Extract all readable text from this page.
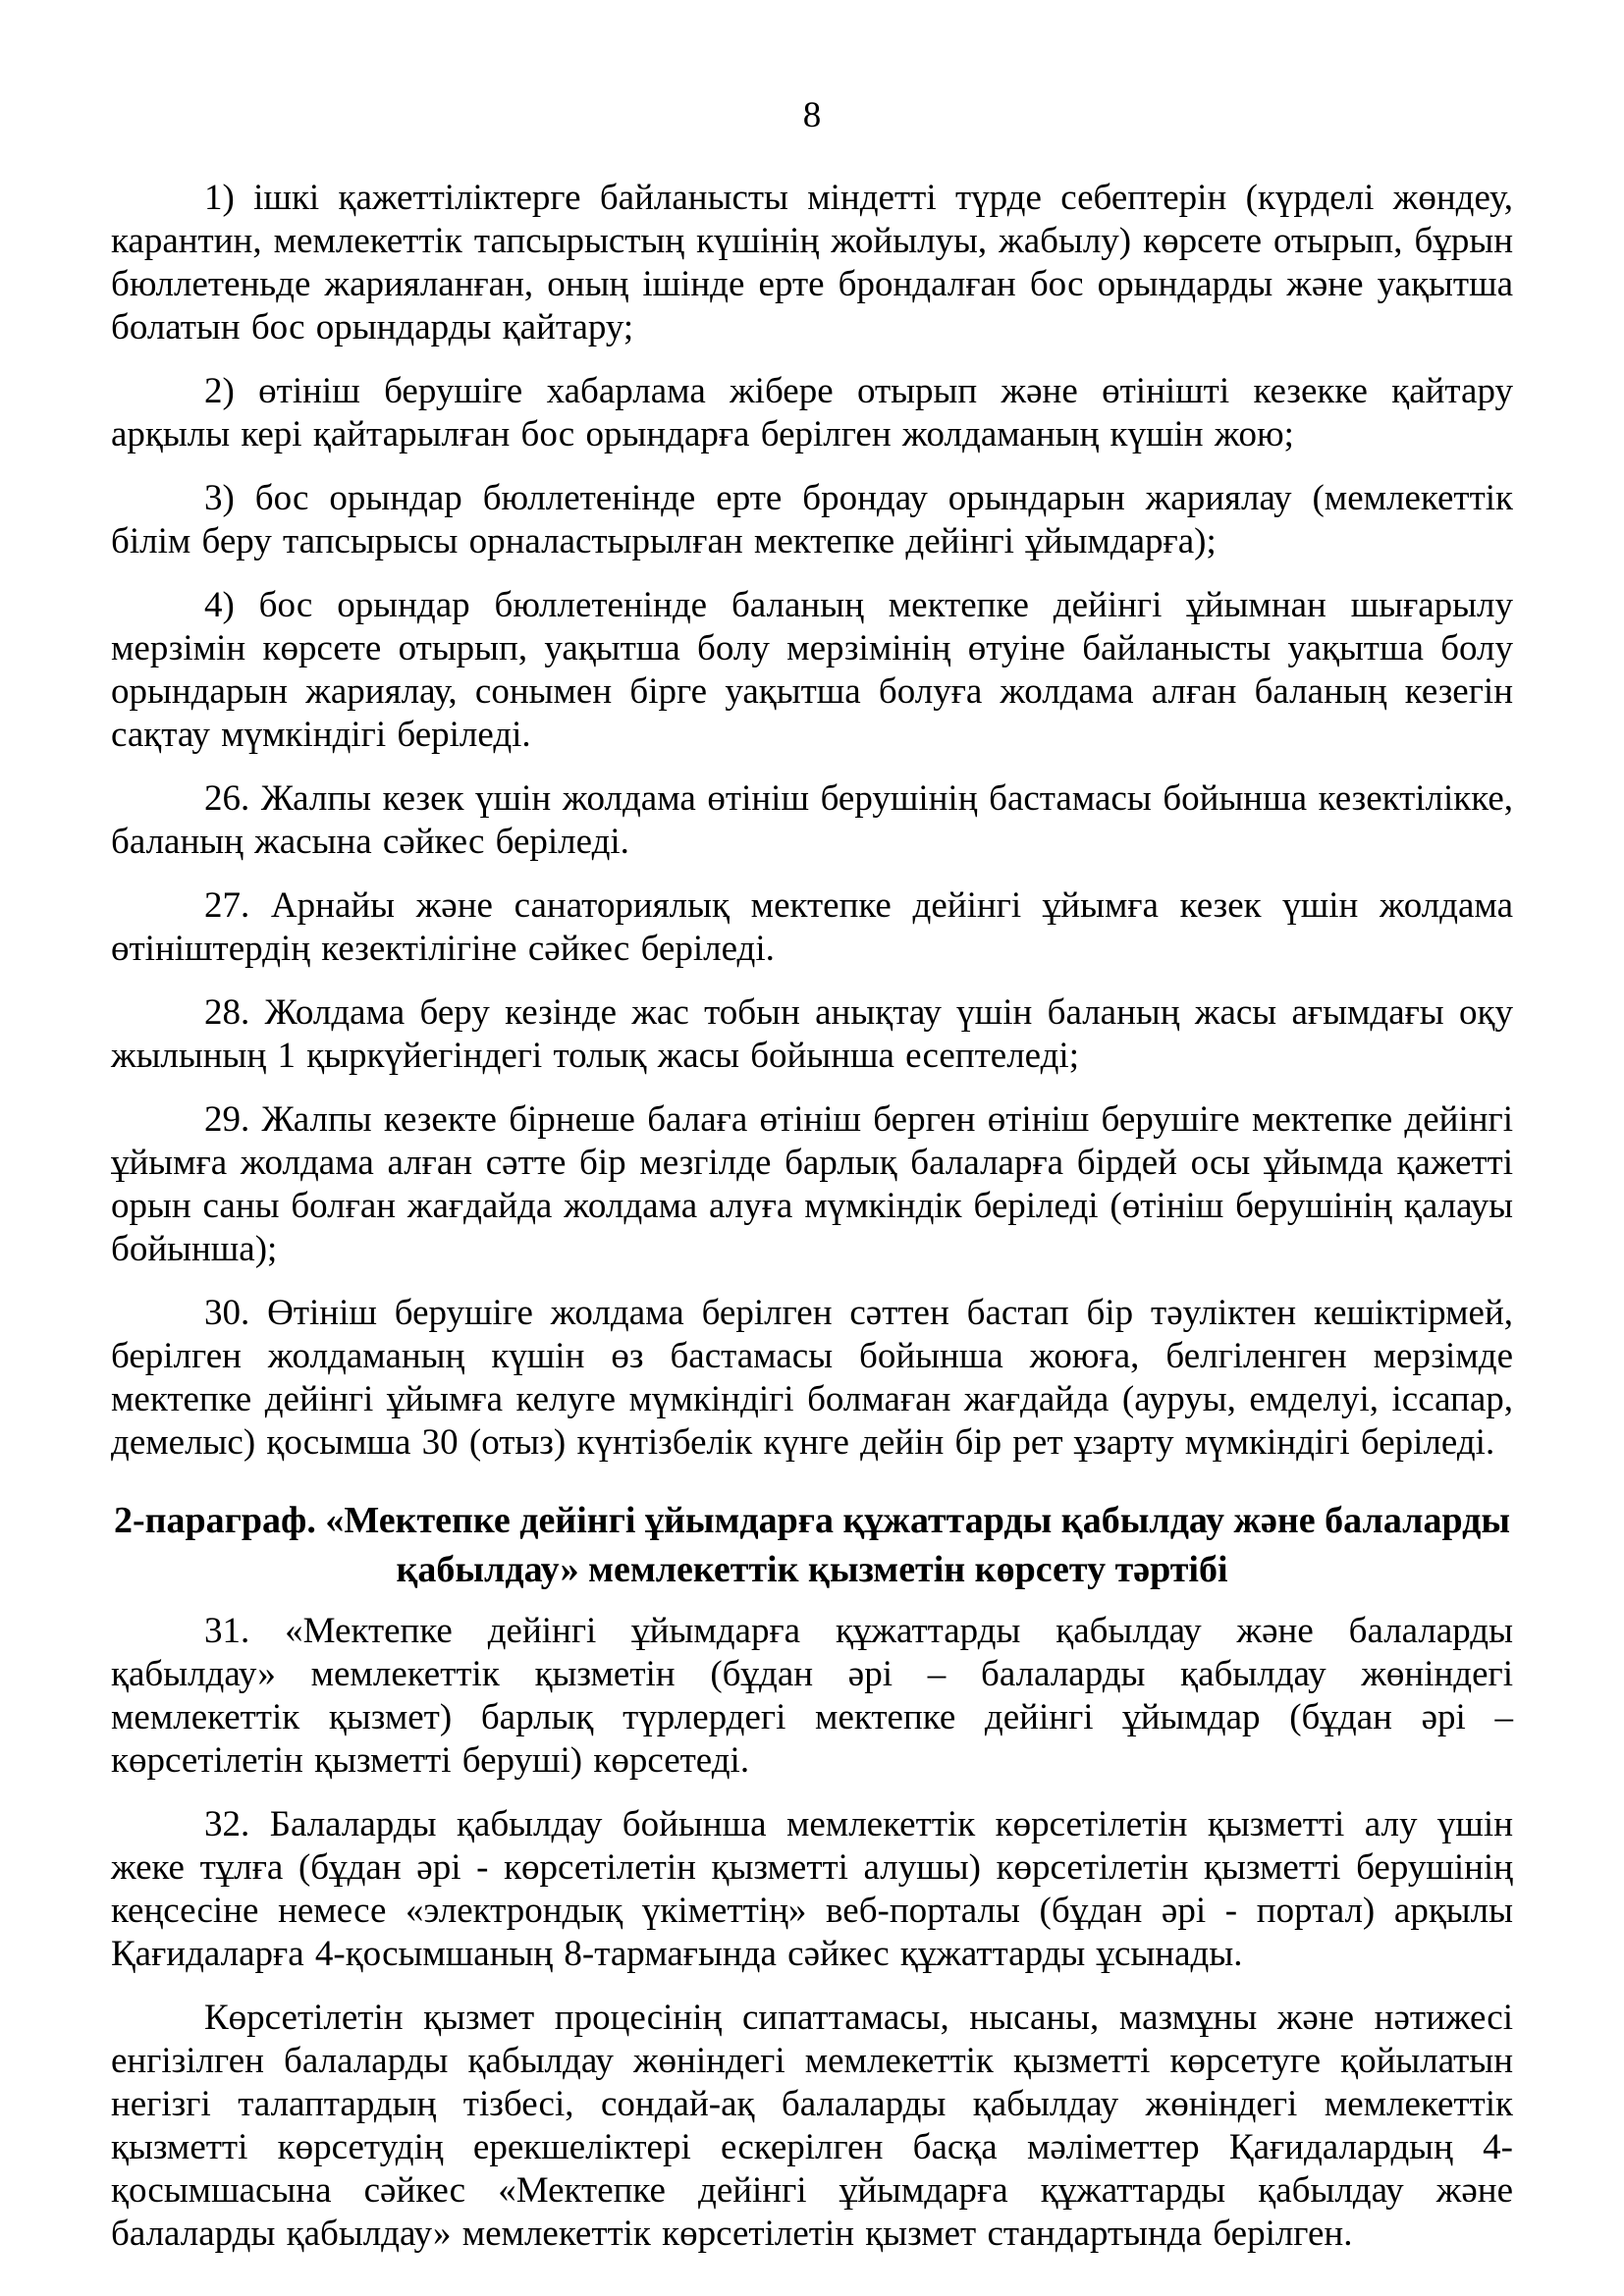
8

1) ішкі қажеттіліктерге байланысты міндетті түрде себептерін (күрделі жөндеу, карантин, мемлекеттік тапсырыстың күшінің жойылуы, жабылу) көрсете отырып, бұрын бюллетеньде жарияланған, оның ішінде ерте брондалған бос орындарды және уақытша болатын бос орындарды қайтару;

2) өтініш берушіге хабарлама жібере отырып және өтінішті кезекке қайтару арқылы кері қайтарылған бос орындарға берілген жолдаманың күшін жою;

3) бос орындар бюллетенінде ерте брондау орындарын жариялау (мемлекеттік білім беру тапсырысы орналастырылған мектепке дейінгі ұйымдарға);

4) бос орындар бюллетенінде баланың мектепке дейінгі ұйымнан шығарылу мерзімін көрсете отырып, уақытша болу мерзімінің өтуіне байланысты уақытша болу орындарын жариялау, сонымен бірге уақытша болуға жолдама алған баланың кезегін сақтау мүмкіндігі беріледі.

26. Жалпы кезек үшін жолдама өтініш берушінің бастамасы бойынша кезектілікке, баланың жасына сәйкес беріледі.

27. Арнайы және санаториялық мектепке дейінгі ұйымға кезек үшін жолдама өтініштердің кезектілігіне сәйкес беріледі.

28. Жолдама беру кезінде жас тобын анықтау үшін баланың жасы ағымдағы оқу жылының 1 қыркүйегіндегі толық жасы бойынша есептеледі;

29. Жалпы кезекте бірнеше балаға өтініш берген өтініш берушіге мектепке дейінгі ұйымға жолдама алған сәтте бір мезгілде барлық балаларға бірдей осы ұйымда қажетті орын саны болған жағдайда жолдама алуға мүмкіндік беріледі (өтініш берушінің қалауы бойынша);

30. Өтініш берушіге жолдама берілген сәттен бастап бір тәуліктен кешіктірмей, берілген жолдаманың күшін өз бастамасы бойынша жоюға, белгіленген мерзімде мектепке дейінгі ұйымға келуге мүмкіндігі болмаған жағдайда (ауруы, емделуі, іссапар, демелыс) қосымша 30 (отыз) күнтізбелік күнге дейін бір рет ұзарту мүмкіндігі беріледі.

2-параграф. «Мектепке дейінгі ұйымдарға құжаттарды қабылдау және балаларды қабылдау» мемлекеттік қызметін көрсету тәртібі

31. «Мектепке дейінгі ұйымдарға құжаттарды қабылдау және балаларды қабылдау» мемлекеттік қызметін (бұдан әрі – балаларды қабылдау жөніндегі мемлекеттік қызмет) барлық түрлердегі мектепке дейінгі ұйымдар (бұдан әрі – көрсетілетін қызметті беруші) көрсетеді.

32. Балаларды қабылдау бойынша мемлекеттік көрсетілетін қызметті алу үшін жеке тұлға (бұдан әрі - көрсетілетін қызметті алушы) көрсетілетін қызметті берушінің кеңсесіне немесе «электрондық үкіметтің» веб-порталы (бұдан әрі - портал) арқылы Қағидаларға 4-қосымшаның 8-тармағында сәйкес құжаттарды ұсынады.

Көрсетілетін қызмет процесінің сипаттамасы, нысаны, мазмұны және нәтижесі енгізілген балаларды қабылдау жөніндегі мемлекеттік қызметті көрсетуге қойылатын негізгі талаптардың тізбесі, сондай-ақ балаларды қабылдау жөніндегі мемлекеттік қызметті көрсетудің ерекшеліктері ескерілген басқа мәліметтер Қағидалардың 4-қосымшасына сәйкес «Мектепке дейінгі ұйымдарға құжаттарды қабылдау және балаларды қабылдау» мемлекеттік көрсетілетін қызмет стандартында берілген.
